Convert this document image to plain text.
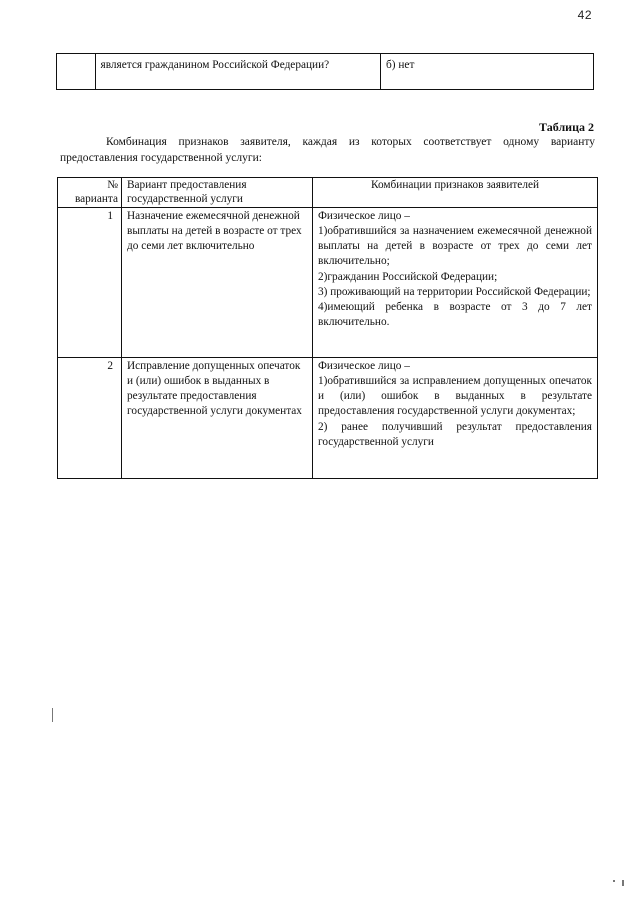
42
	является гражданином Российской Федерации?	б) нет
Таблица 2

Комбинация признаков заявителя, каждая из которых соответствует одному варианту предоставления государственной услуги:

№
варианта	Вариант предоставления государственной услуги	Комбинации признаков заявителей
1	Назначение ежемесячной денежной выплаты на детей в возрасте от трех до семи лет включительно	Физическое лицо –
1)обратившийся за назначением ежемесячной денежной выплаты на детей в возрасте от трех до семи лет включительно;
2)гражданин Российской Федерации;
3) проживающий на территории Российской Федерации;
4)имеющий ребенка в возрасте от 3 до 7 лет включительно.

2	Исправление допущенных опечаток и (или) ошибок в выданных в результате предоставления государственной услуги документах	Физическое лицо –
1)обратившийся за исправлением допущенных опечаток и (или) ошибок в выданных в результате предоставления государственной услуги документах;
2) ранее получивший результат предоставления государственной услуги
